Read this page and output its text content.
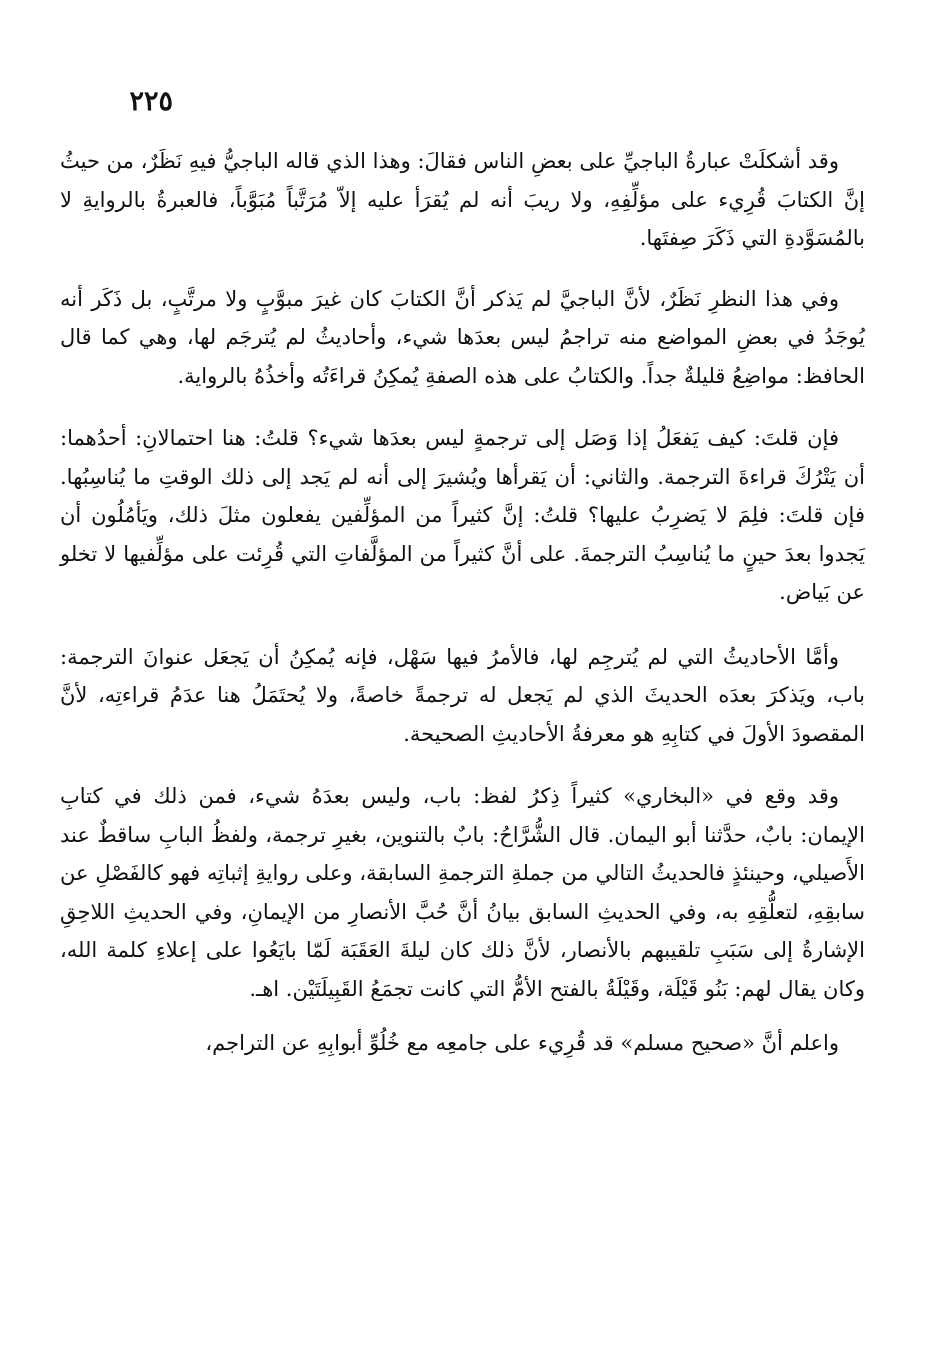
٢٢٥

وقد أشكلَتْ عبارةُ الباجيِّ على بعضِ الناس فقالَ: وهذا الذي قاله الباجيُّ فيهِ نَظَرٌ، من حيثُ إنَّ الكتابَ قُرِيء على مؤلِّفِهِ، ولا ريبَ أنه لم يُقرَأ عليه إلاّ مُرَتَّباً مُبَوَّباً، فالعبرةُ بالروايةِ لا بالمُسَوَّدةِ التي ذَكَرَ صِفتَها.

وفي هذا النظرِ نَظَرٌ، لأنَّ الباجيَّ لم يَذكر أنَّ الكتابَ كان غيرَ مبوَّبٍ ولا مرتَّبٍ، بل ذَكَر أنه يُوجَدُ في بعضِ المواضع منه تراجمُ ليس بعدَها شيء، وأحاديثُ لم يُترجَم لها، وهي كما قال الحافظ: مواضِعُ قليلةٌ جداً. والكتابُ على هذه الصفةِ يُمكِنُ قراءَتُه وأخذُهُ بالرواية.

فإن قلتَ: كيف يَفعَلُ إذا وَصَل إلى ترجمةٍ ليس بعدَها شيء؟ قلتُ: هنا احتمالانِ: أحدُهما: أن يَتْرُكَ قراءةَ الترجمة. والثاني: أن يَقرأها ويُشيرَ إلى أنه لم يَجد إلى ذلك الوقتِ ما يُناسِبُها. فإن قلتَ: فلِمَ لا يَضرِبُ عليها؟ قلتُ: إنَّ كثيراً من المؤلِّفين يفعلون مثلَ ذلك، ويَأمُلُون أن يَجدوا بعدَ حينٍ ما يُناسِبُ الترجمةَ. على أنَّ كثيراً من المؤلَّفاتِ التي قُرِئت على مؤلِّفيها لا تخلو عن بَياض.

وأمَّا الأحاديثُ التي لم يُترجِم لها، فالأمرُ فيها سَهْل، فإنه يُمكِنُ أن يَجعَل عنوانَ الترجمة: باب، ويَذكرَ بعدَه الحديثَ الذي لم يَجعل له ترجمةً خاصةً، ولا يُحتَمَلُ هنا عدَمُ قراءتِه، لأنَّ المقصودَ الأولَ في كتابِهِ هو معرفةُ الأحاديثِ الصحيحة.

وقد وقع في «البخاري» كثيراً ذِكرُ لفظ: باب، وليس بعدَهُ شيء، فمن ذلك في كتابِ الإيمان: بابٌ، حدَّثنا أبو اليمان. قال الشُّرَّاحُ: بابٌ بالتنوين، بغيرِ ترجمة، ولفظُ البابِ ساقطٌ عند الأَصيلي، وحينئذٍ فالحديثُ التالي من جملةِ الترجمةِ السابقة، وعلى روايةِ إثباتِه فهو كالفَصْلِ عن سابقِهِ، لتعلُّقِهِ به، وفي الحديثِ السابق بيانُ أنَّ حُبَّ الأنصارِ من الإيمانِ، وفي الحديثِ اللاحِقِ الإشارةُ إلى سَبَبِ تلقيبهم بالأنصار، لأنَّ ذلك كان ليلةَ العَقَبَة لَمّا بايَعُوا على إعلاءِ كلمة الله، وكان يقال لهم: بَنُو قَيْلَة، وقَيْلَةُ بالفتح الأمُّ التي كانت تجمَعُ القَبِيلَتَيْن. اهـ.

واعلم أنَّ «صحيح مسلم» قد قُرِيء على جامعِه مع خُلُوِّ أبوابِهِ عن التراجم،
